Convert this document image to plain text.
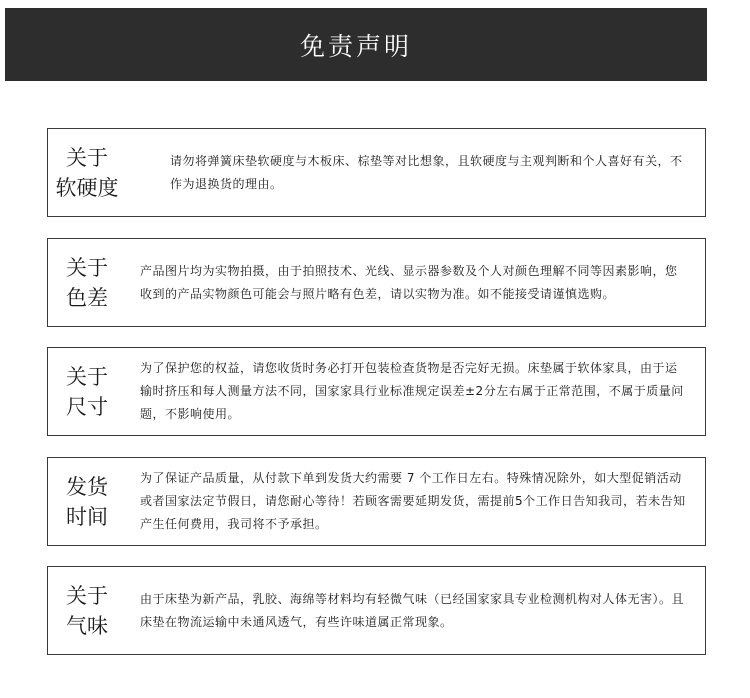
免责声明
关于
软硬度
请勿将弹簧床垫软硬度与木板床、棕垫等对比想象，且软硬度与主观判断和个人喜好有关，不作为退换货的理由。
关于
色差
产品图片均为实物拍摄，由于拍照技术、光线、显示器参数及个人对颜色理解不同等因素影响，您收到的产品实物颜色可能会与照片略有色差，请以实物为准。如不能接受请谨慎选购。
关于
尺寸
为了保护您的权益，请您收货时务必打开包装检查货物是否完好无损。床垫属于软体家具，由于运输时挤压和每人测量方法不同，国家家具行业标准规定误差±2分左右属于正常范围，不属于质量问题，不影响使用。
发货
时间
为了保证产品质量，从付款下单到发货大约需要 7 个工作日左右。特殊情况除外，如大型促销活动或者国家法定节假日，请您耐心等待！若顾客需要延期发货，需提前5个工作日告知我司，若未告知产生任何费用，我司将不予承担。
关于
气味
由于床垫为新产品，乳胶、海绵等材料均有轻微气味（已经国家家具专业检测机构对人体无害）。且床垫在物流运输中未通风透气，有些许味道属正常现象。
